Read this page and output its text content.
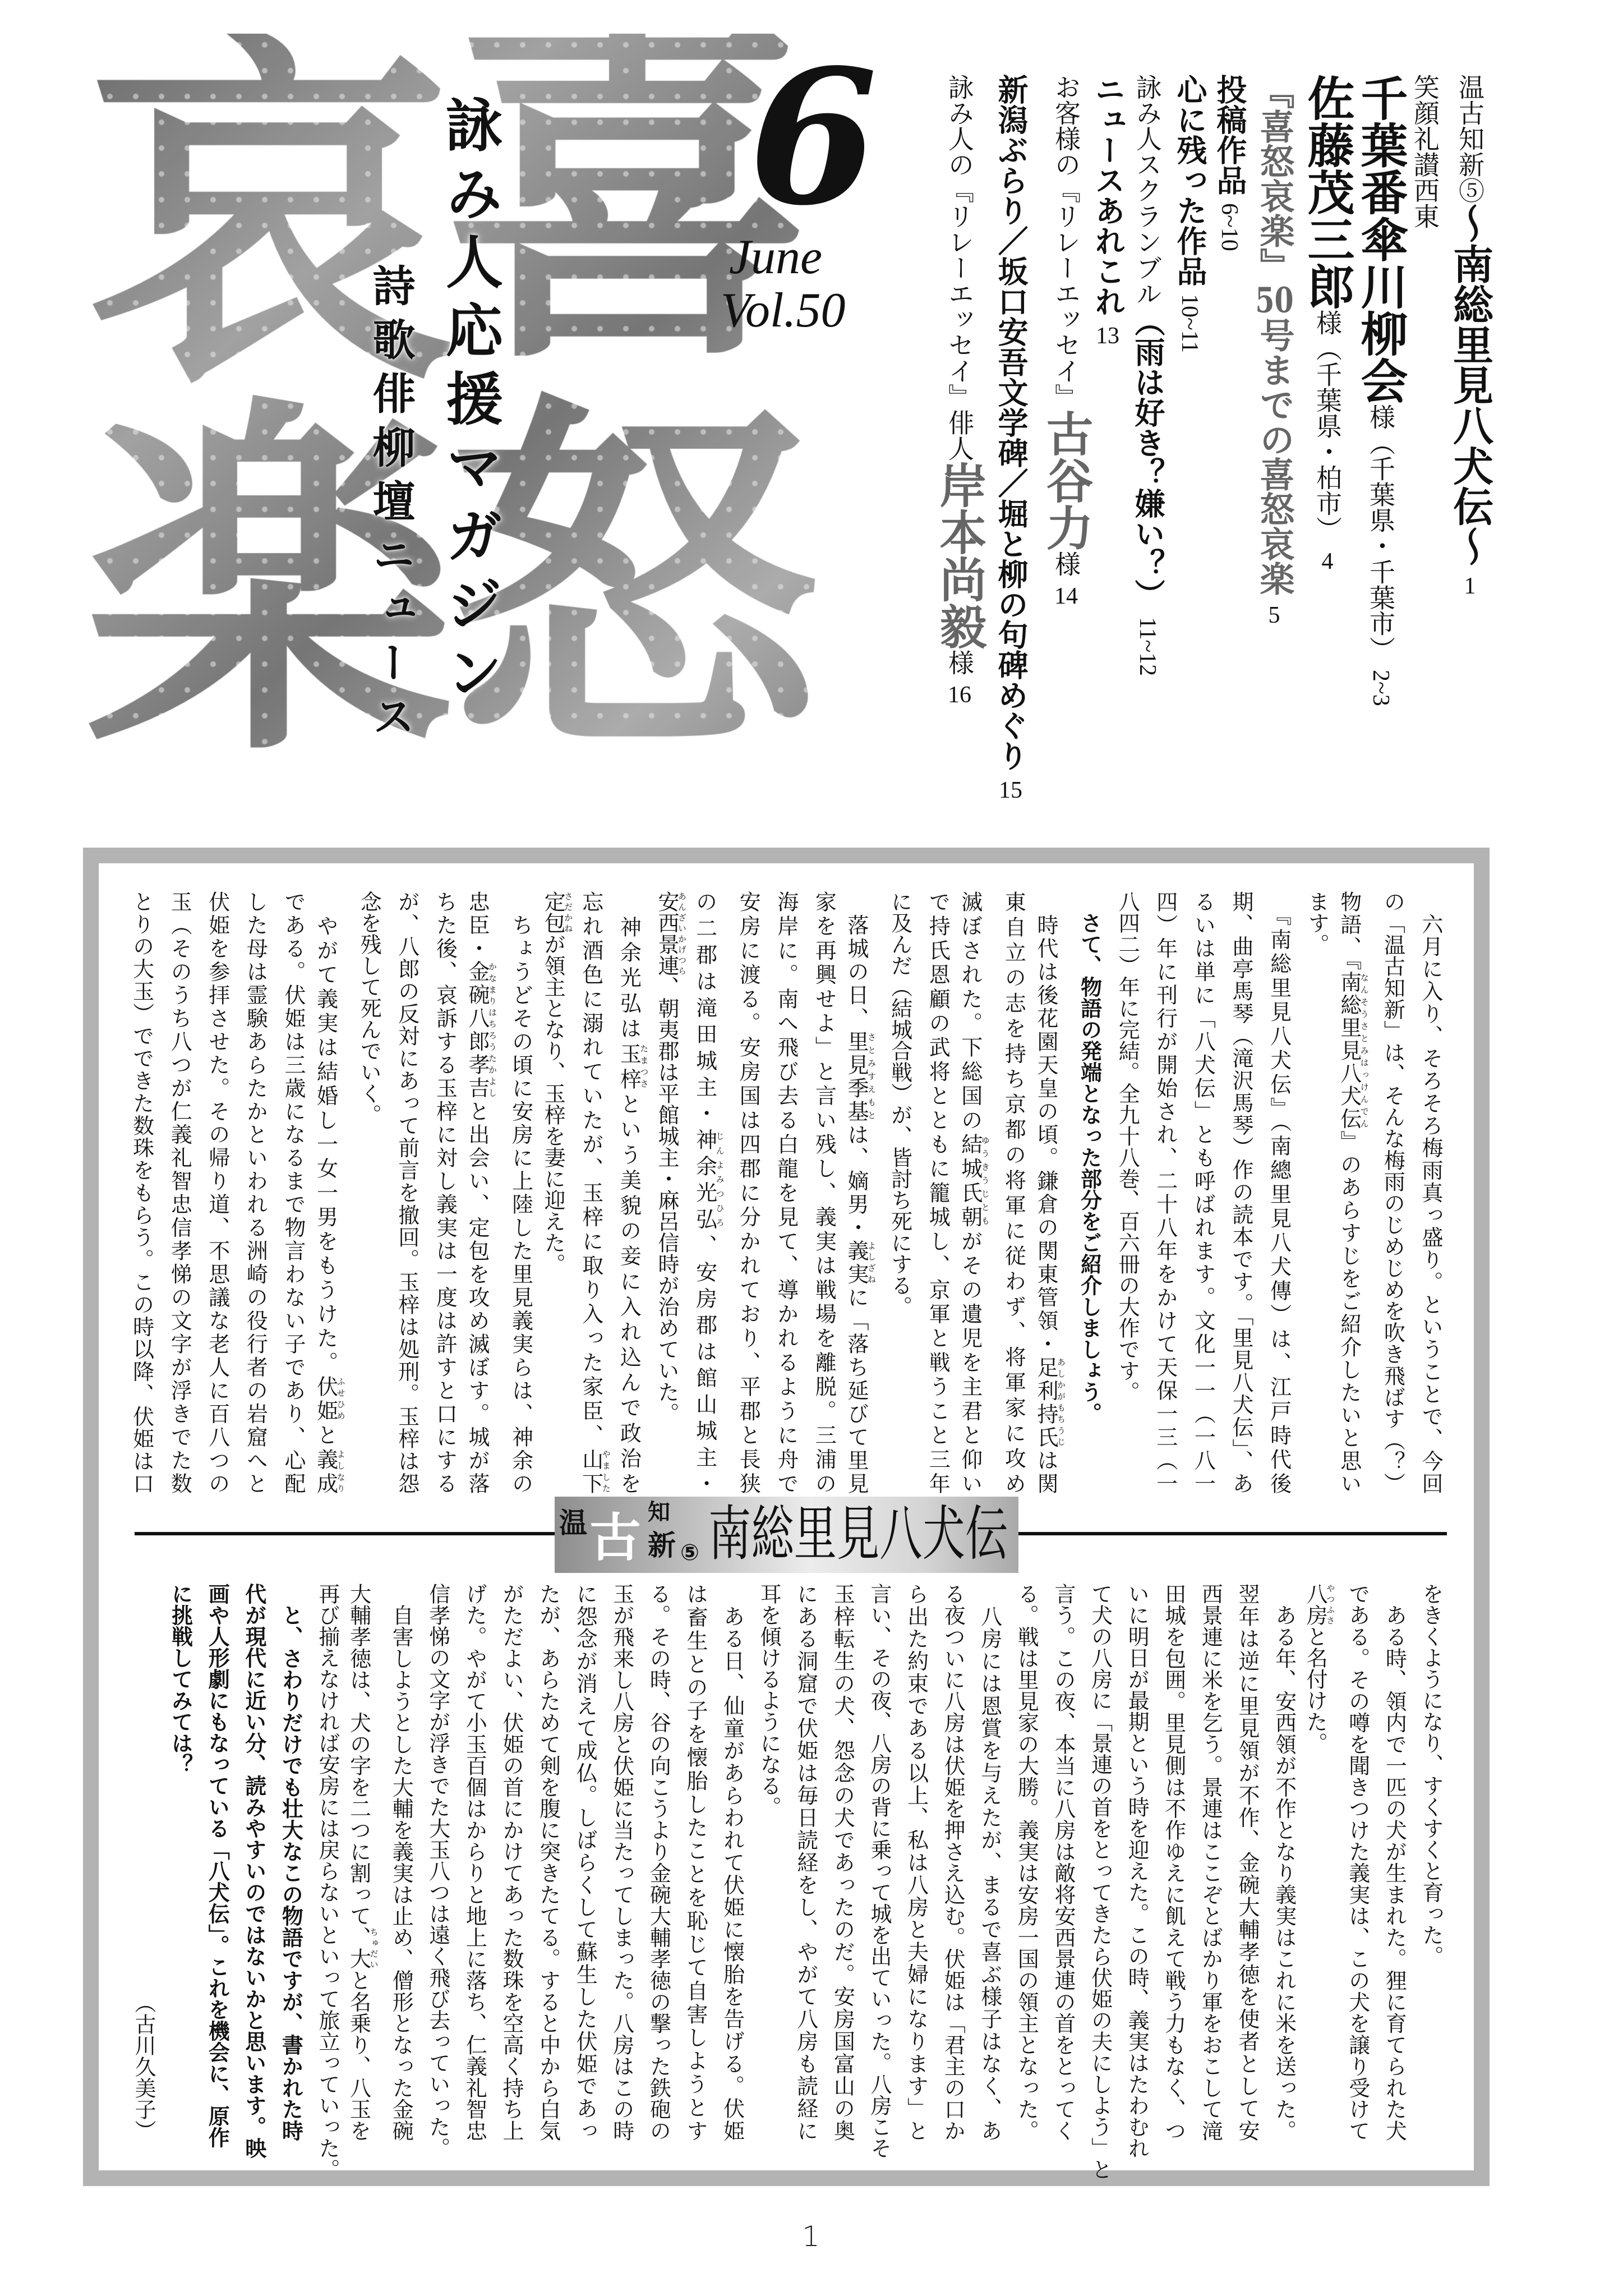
詠み人応援マガジン
詩歌俳柳壇ニュース
6
June
Vol.50
温古知新⑤～南総里見八犬伝～1
笑顔礼讃西東
千葉番傘川柳会様（千葉県・千葉市）2~3
佐藤茂三郎様（千葉県・柏市）4
『喜怒哀楽』50号までの喜怒哀楽5
投稿作品6~10
心に残った作品10~11
詠み人スクランブル（雨は好き？嫌い？）11~12
ニュースあれこれ13
お客様の『リレーエッセイ』古谷力様14
新潟ぶらり／坂口安吾文学碑／堀と柳の句碑めぐり15
詠み人の『リレーエッセイ』俳人岸本尚毅様16
　六月に入り、そろそろ梅雨真っ盛り。ということで、今回
の「温古知新」は、そんな梅雨のじめじめを吹き飛ばす（？）
物語、『南総里見八犬伝なんそうさとみはっけんでん』のあらすじをご紹介したいと思い
ます。
　『南総里見八犬伝』（南總里見八犬傳）は、江戸時代後
期、曲亭馬琴（滝沢馬琴）作の読本です。「里見八犬伝」、あ
るいは単に「八犬伝」とも呼ばれます。文化一一（一八一
四）年に刊行が開始され、二十八年をかけて天保一三（一
八四二）年に完結。全九十八巻、百六冊の大作です。
　さて、物語の発端となった部分をご紹介しましょう。
　時代は後花園天皇の頃。鎌倉の関東管領・足利持氏あしかがもちうじは関
東自立の志を持ち京都の将軍に従わず、将軍家に攻め
滅ぼされた。下総国の結城氏朝ゆうきうじともがその遺児を主君と仰い
で持氏恩顧の武将とともに籠城し、京軍と戦うこと三年
に及んだ（結城合戦）が、皆討ち死にする。
　落城の日、里見季基さとみすえもとは、嫡男・義実よしざねに「落ち延びて里見
家を再興せよ」と言い残し、義実は戦場を離脱。三浦の
海岸に。南へ飛び去る白龍を見て、導かれるように舟で
安房に渡る。安房国は四郡に分かれており、平郡と長狭
の二郡は滝田城主・神余光弘じんよみつひろ、安房郡は館山城主・
安西景連あんざいかげつら、朝夷郡は平館城主・麻呂信時が治めていた。
　神余光弘は玉梓たまつさという美貌の妾に入れ込んで政治を
忘れ酒色に溺れていたが、玉梓に取り入った家臣、山下やました
定包さだかねが領主となり、玉梓を妻に迎えた。
　ちょうどその頃に安房に上陸した里見義実らは、神余の
忠臣・金碗八郎孝吉かなまりはちろうたかよしと出会い、定包を攻め滅ぼす。城が落
ちた後、哀訴する玉梓に対し義実は一度は許すと口にする
が、八郎の反対にあって前言を撤回。玉梓は処刑。玉梓は怨
念を残して死んでいく。
　やがて義実は結婚し一女一男をもうけた。伏姫ふせひめと義成よしなり
である。伏姫は三歳になるまで物言わない子であり、心配
した母は霊験あらたかといわれる洲崎の役行者の岩窟へと
伏姫を参拝させた。その帰り道、不思議な老人に百八つの
玉（そのうち八つが仁義礼智忠信孝悌の文字が浮きでた数
とりの大玉）でできた数珠をもらう。この時以降、伏姫は口
温 古 知
新 ⑤ 南総里見八犬伝
をきくようになり、すくすくと育った。
　ある時、領内で一匹の犬が生まれた。狸に育てられた犬
である。その噂を聞きつけた義実は、この犬を譲り受けて
八房やつふさと名付けた。
　ある年、安西領が不作となり義実はこれに米を送った。
翌年は逆に里見領が不作、金碗大輔孝徳を使者として安
西景連に米を乞う。景連はここぞとばかり軍をおこして滝
田城を包囲。里見側は不作ゆえに飢えて戦う力もなく、つ
いに明日が最期という時を迎えた。この時、義実はたわむれ
て犬の八房に「景連の首をとってきたら伏姫の夫にしよう」と
言う。この夜、本当に八房は敵将安西景連の首をとってく
る。戦は里見家の大勝。義実は安房一国の領主となった。
　八房には恩賞を与えたが、まるで喜ぶ様子はなく、あ
る夜ついに八房は伏姫を押さえ込む。伏姫は「君主の口か
ら出た約束である以上、私は八房と夫婦になります」と
言い、その夜、八房の背に乗って城を出ていった。八房こそ
玉梓転生の犬、怨念の犬であったのだ。安房国富山の奥
にある洞窟で伏姫は毎日読経をし、やがて八房も読経に
耳を傾けるようになる。
　ある日、仙童があらわれて伏姫に懐胎を告げる。伏姫
は畜生との子を懐胎したことを恥じて自害しようとす
る。その時、谷の向こうより金碗大輔孝徳の撃った鉄砲の
玉が飛来し八房と伏姫に当たってしまった。八房はこの時
に怨念が消えて成仏。しばらくして蘇生した伏姫であっ
たが、あらためて剣を腹に突きたてる。すると中から白気
がただよい、伏姫の首にかけてあった数珠を空高く持ち上
げた。やがて小玉百個はからりと地上に落ち、仁義礼智忠
信孝悌の文字が浮きでた大玉八つは遠く飛び去っていった。
　自害しようとした大輔を義実は止め、僧形となった金碗
大輔孝徳は、犬の字を二つに割って、大ちゅだいと名乗り、八玉を
再び揃えなければ安房には戻らないといって旅立っていった。
　と、さわりだけでも壮大なこの物語ですが、書かれた時
代が現代に近い分、読みやすいのではないかと思います。映
画や人形劇にもなっている「八犬伝」。これを機会に、原作
に挑戦してみては？
（古川久美子）
1
